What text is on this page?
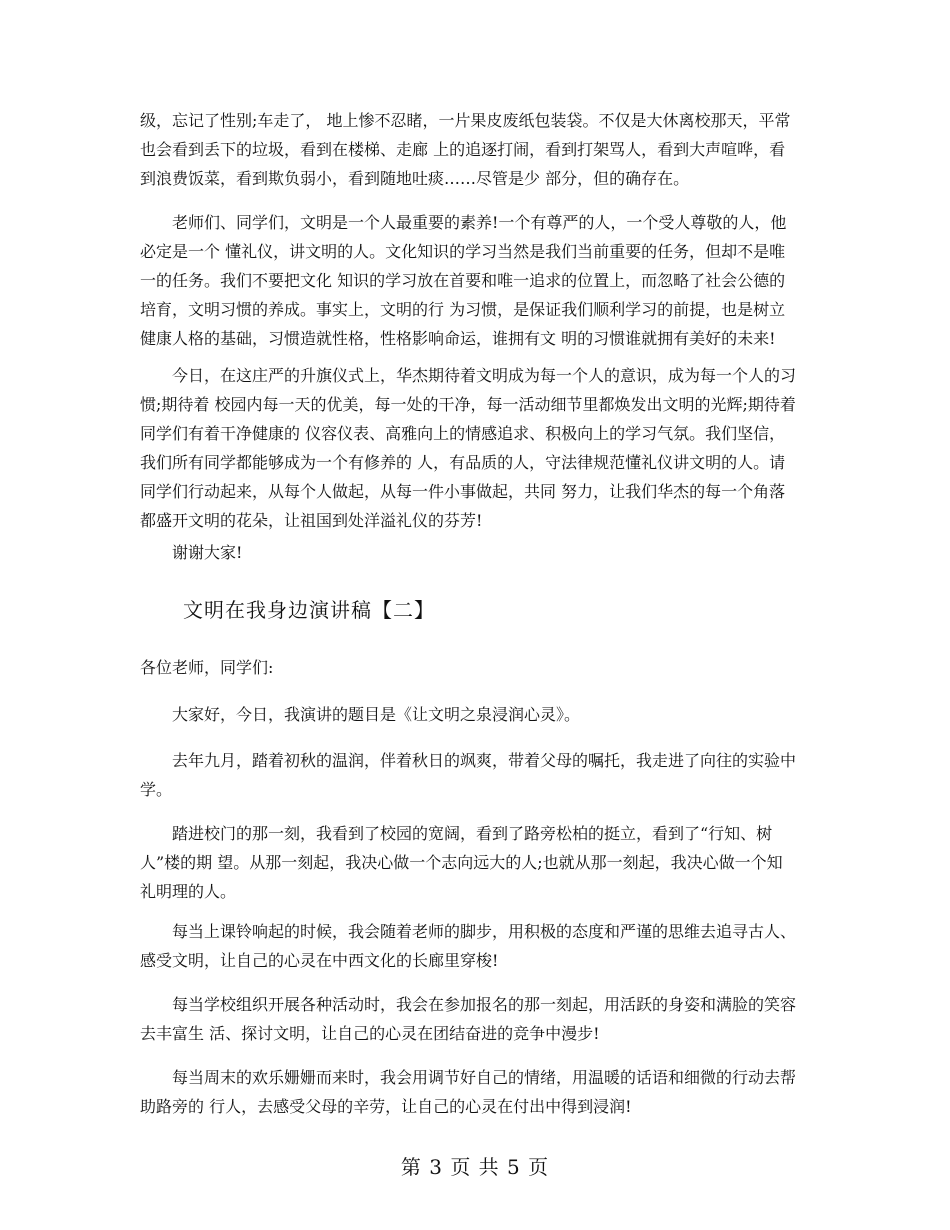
级，忘记了性别;车走了， 地上惨不忍睹，一片果皮废纸包装袋。不仅是大休离校那天，平常
也会看到丢下的垃圾，看到在楼梯、走廊 上的追逐打闹，看到打架骂人，看到大声喧哗，看
到浪费饭菜，看到欺负弱小，看到随地吐痰……尽管是少 部分，但的确存在。

老师们、同学们，文明是一个人最重要的素养!一个有尊严的人，一个受人尊敬的人，他
必定是一个 懂礼仪，讲文明的人。文化知识的学习当然是我们当前重要的任务，但却不是唯
一的任务。我们不要把文化 知识的学习放在首要和唯一追求的位置上，而忽略了社会公德的
培育，文明习惯的养成。事实上，文明的行 为习惯，是保证我们顺利学习的前提，也是树立
健康人格的基础，习惯造就性格，性格影响命运，谁拥有文 明的习惯谁就拥有美好的未来!

今日，在这庄严的升旗仪式上，华杰期待着文明成为每一个人的意识，成为每一个人的习
惯;期待着 校园内每一天的优美，每一处的干净，每一活动细节里都焕发出文明的光辉;期待着
同学们有着干净健康的 仪容仪表、高雅向上的情感追求、积极向上的学习气氛。我们坚信，
我们所有同学都能够成为一个有修养的 人，有品质的人，守法律规范懂礼仪讲文明的人。请
同学们行动起来，从每个人做起，从每一件小事做起，共同 努力，让我们华杰的每一个角落
都盛开文明的花朵，让祖国到处洋溢礼仪的芬芳!

谢谢大家!

文明在我身边演讲稿【二】

各位老师，同学们:

大家好，今日，我演讲的题目是《让文明之泉浸润心灵》。

去年九月，踏着初秋的温润，伴着秋日的飒爽，带着父母的嘱托，我走进了向往的实验中
学。

踏进校门的那一刻，我看到了校园的宽阔，看到了路旁松柏的挺立，看到了“行知、树
人”楼的期 望。从那一刻起，我决心做一个志向远大的人;也就从那一刻起，我决心做一个知
礼明理的人。

每当上课铃响起的时候，我会随着老师的脚步，用积极的态度和严谨的思维去追寻古人、
感受文明，让自己的心灵在中西文化的长廊里穿梭!

每当学校组织开展各种活动时，我会在参加报名的那一刻起，用活跃的身姿和满脸的笑容
去丰富生 活、探讨文明，让自己的心灵在团结奋进的竞争中漫步!

每当周末的欢乐姗姗而来时，我会用调节好自己的情绪，用温暖的话语和细微的行动去帮
助路旁的 行人，去感受父母的辛劳，让自己的心灵在付出中得到浸润!

第 3 页 共 5 页
